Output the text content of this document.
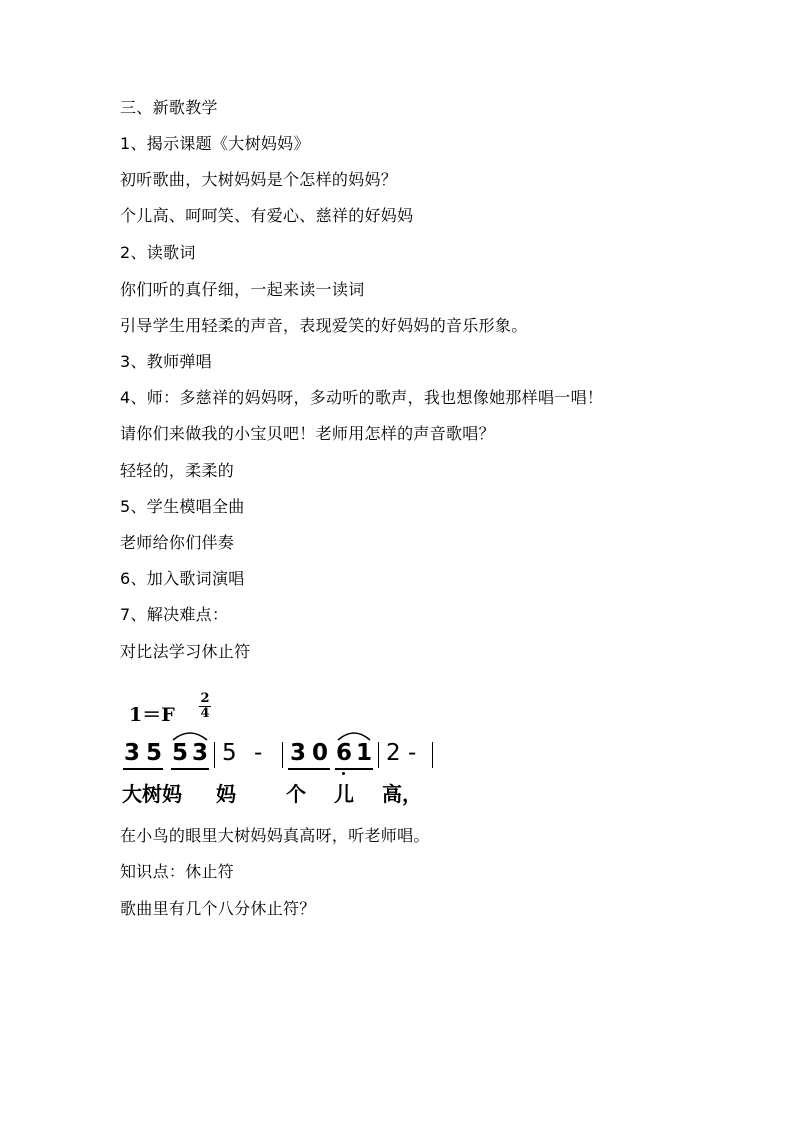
三、新歌教学
1、揭示课题《大树妈妈》
初听歌曲，大树妈妈是个怎样的妈妈？
个儿高、呵呵笑、有爱心、慈祥的好妈妈
2、读歌词
你们听的真仔细，一起来读一读词
引导学生用轻柔的声音，表现爱笑的好妈妈的音乐形象。
3、教师弹唱
4、师：多慈祥的妈妈呀，多动听的歌声，我也想像她那样唱一唱！
请你们来做我的小宝贝吧！老师用怎样的声音歌唱？
轻轻的，柔柔的
5、学生模唱全曲
老师给你们伴奏
6、加入歌词演唱
7、解决难点：
对比法学习休止符
1＝F
2
4
3 5 5 3 5 - 3 0 6 1 2 -
大树妈 妈	个 儿 高，
在小鸟的眼里大树妈妈真高呀，听老师唱。
知识点：休止符
歌曲里有几个八分休止符？
